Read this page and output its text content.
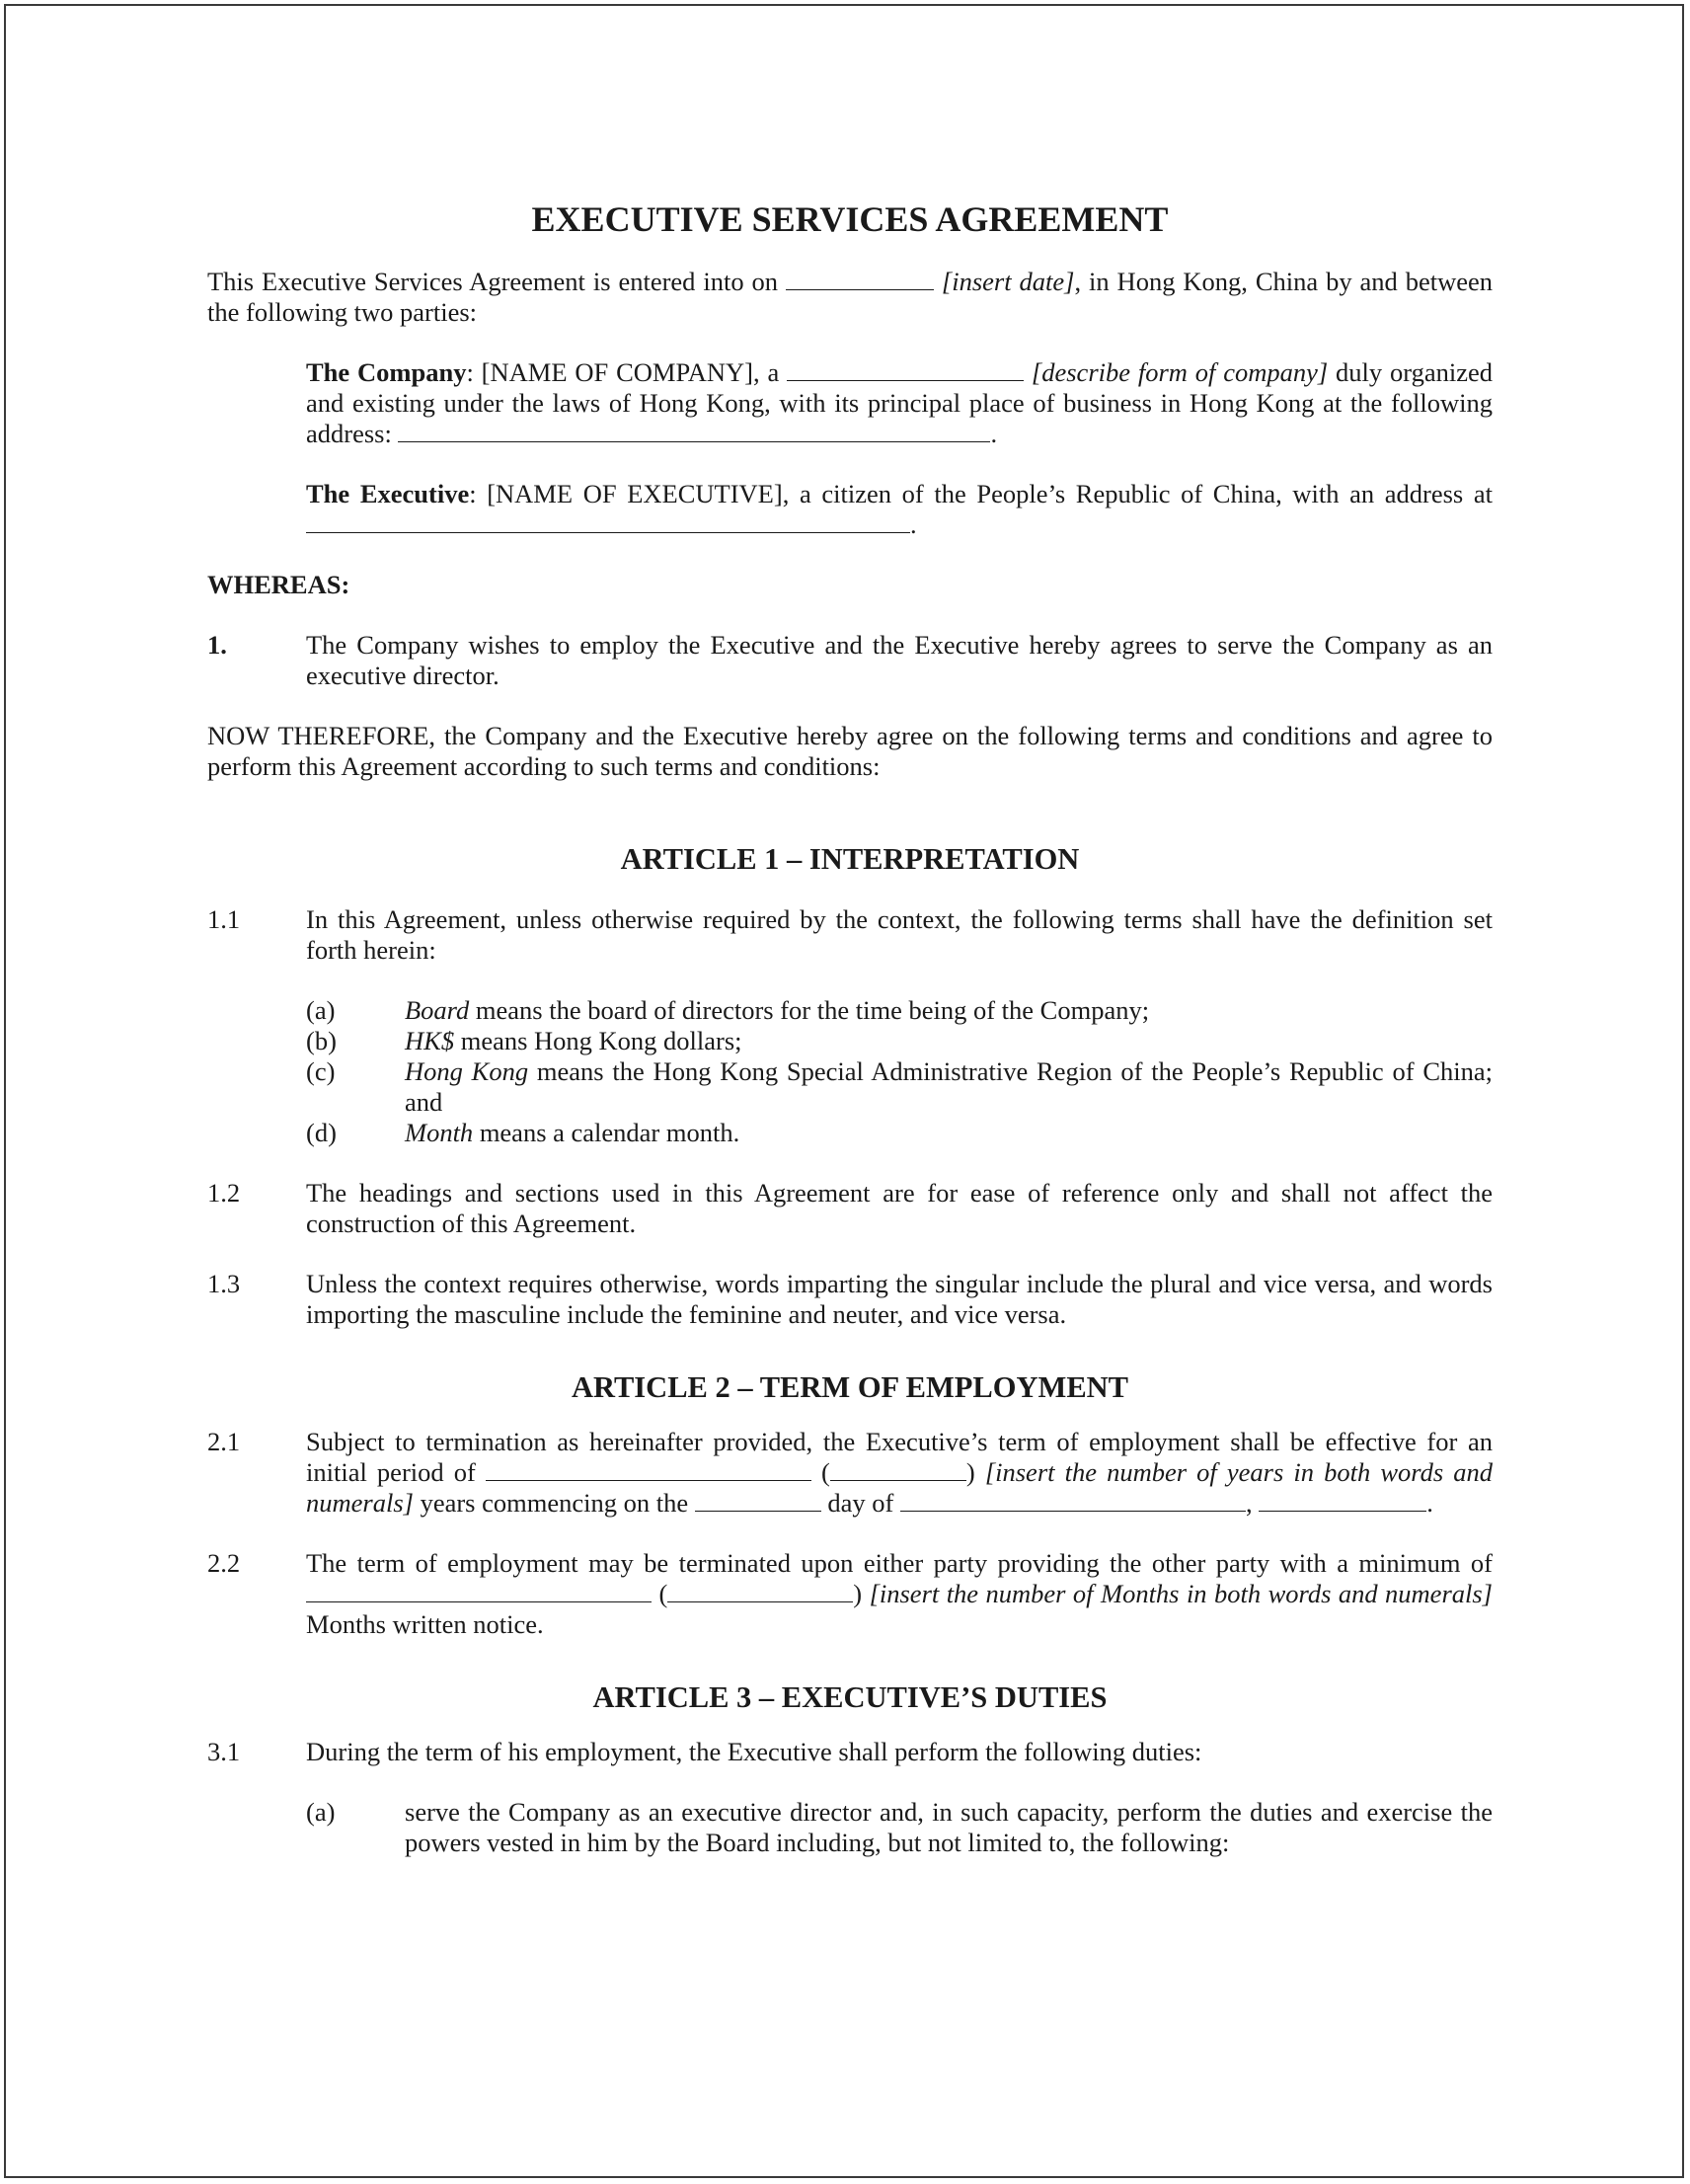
EXECUTIVE SERVICES AGREEMENT

This Executive Services Agreement is entered into on	[insert date], in Hong Kong, China by and between the following two parties:

The Company: [NAME OF COMPANY], a	[describe form of company] duly organized and existing under the laws of Hong Kong, with its principal place of business in Hong Kong at the following address:	.

The Executive: [NAME OF EXECUTIVE], a citizen of the People’s Republic of China, with an address at .

WHEREAS:

1.	The Company wishes to employ the Executive and the Executive hereby agrees to serve the Company as an executive director.

NOW THEREFORE, the Company and the Executive hereby agree on the following terms and conditions and agree to perform this Agreement according to such terms and conditions:

ARTICLE 1 – INTERPRETATION
1.1	In this Agreement, unless otherwise required by the context, the following terms shall have the definition set forth herein:
(a)	Board means the board of directors for the time being of the Company;
(b)	HK$ means Hong Kong dollars;
(c)	Hong Kong means the Hong Kong Special Administrative Region of the People’s Republic of China; and
(d)	Month means a calendar month.
1.2	The headings and sections used in this Agreement are for ease of reference only and shall not affect the construction of this Agreement.
1.3	Unless the context requires otherwise, words imparting the singular include the plural and vice versa, and words importing the masculine include the feminine and neuter, and vice versa.
ARTICLE 2 – TERM OF EMPLOYMENT
2.1	Subject to termination as hereinafter provided, the Executive’s term of employment shall be effective for an initial period of	(	) [insert the number of years in both words and numerals] years commencing on the	day of	,	.
2.2	The term of employment may be terminated upon either party providing the other party with a minimum of  (	) [insert the number of Months in both words and numerals] Months written notice.
ARTICLE 3 – EXECUTIVE’S DUTIES
3.1	During the term of his employment, the Executive shall perform the following duties:
(a)	serve the Company as an executive director and, in such capacity, perform the duties and exercise the powers vested in him by the Board including, but not limited to, the following:
